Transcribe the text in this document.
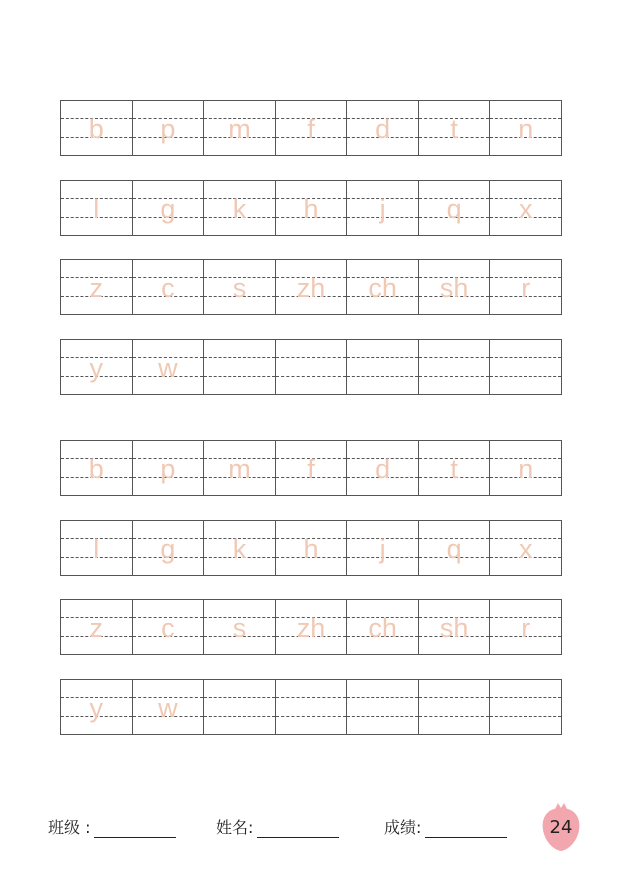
b	p	m	f	d	t	n
l	g	k	h	j	q	x
z	c	s	zh	ch	sh	r
y	w
b	p	m	f	d	t	n
l	g	k	h	j	q	x
z	c	s	zh	ch	sh	r
y	w
班级 :	姓名:	成绩:	24
